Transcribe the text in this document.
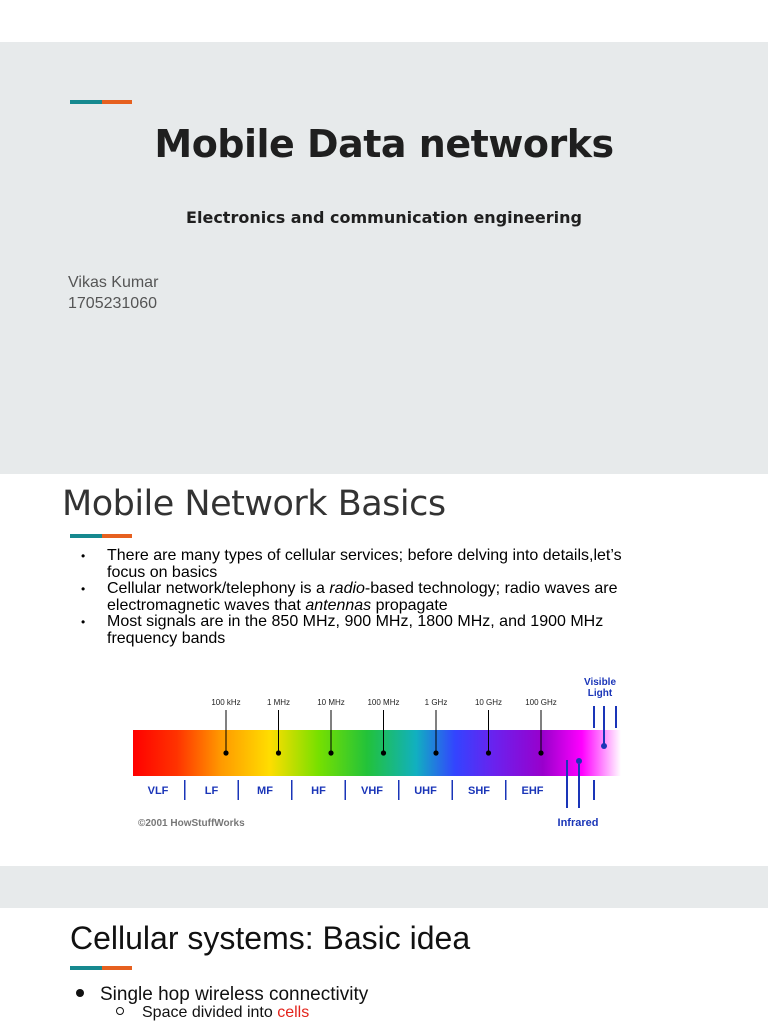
Mobile Data networks
Electronics and communication engineering
Vikas Kumar
1705231060
Mobile Network Basics
• There are many types of cellular services; before delving into details,let’s
focus on basics
• Cellular network/telephony is a radio-based technology; radio waves are
electromagnetic waves that antennas propagate
• Most signals are in the 850 MHz, 900 MHz, 1800 MHz, and 1900 MHz
frequency bands
100 kHz	1 MHz	10 MHz	100 MHz	1 GHz	10 GHz	100 GHz
VLF	LF	MF	HF	VHF	UHF	SHF	EHF
Visible
Light
Infrared
©2001 HowStuffWorks
Cellular systems: Basic idea
Single hop wireless connectivity
Space divided into cells
